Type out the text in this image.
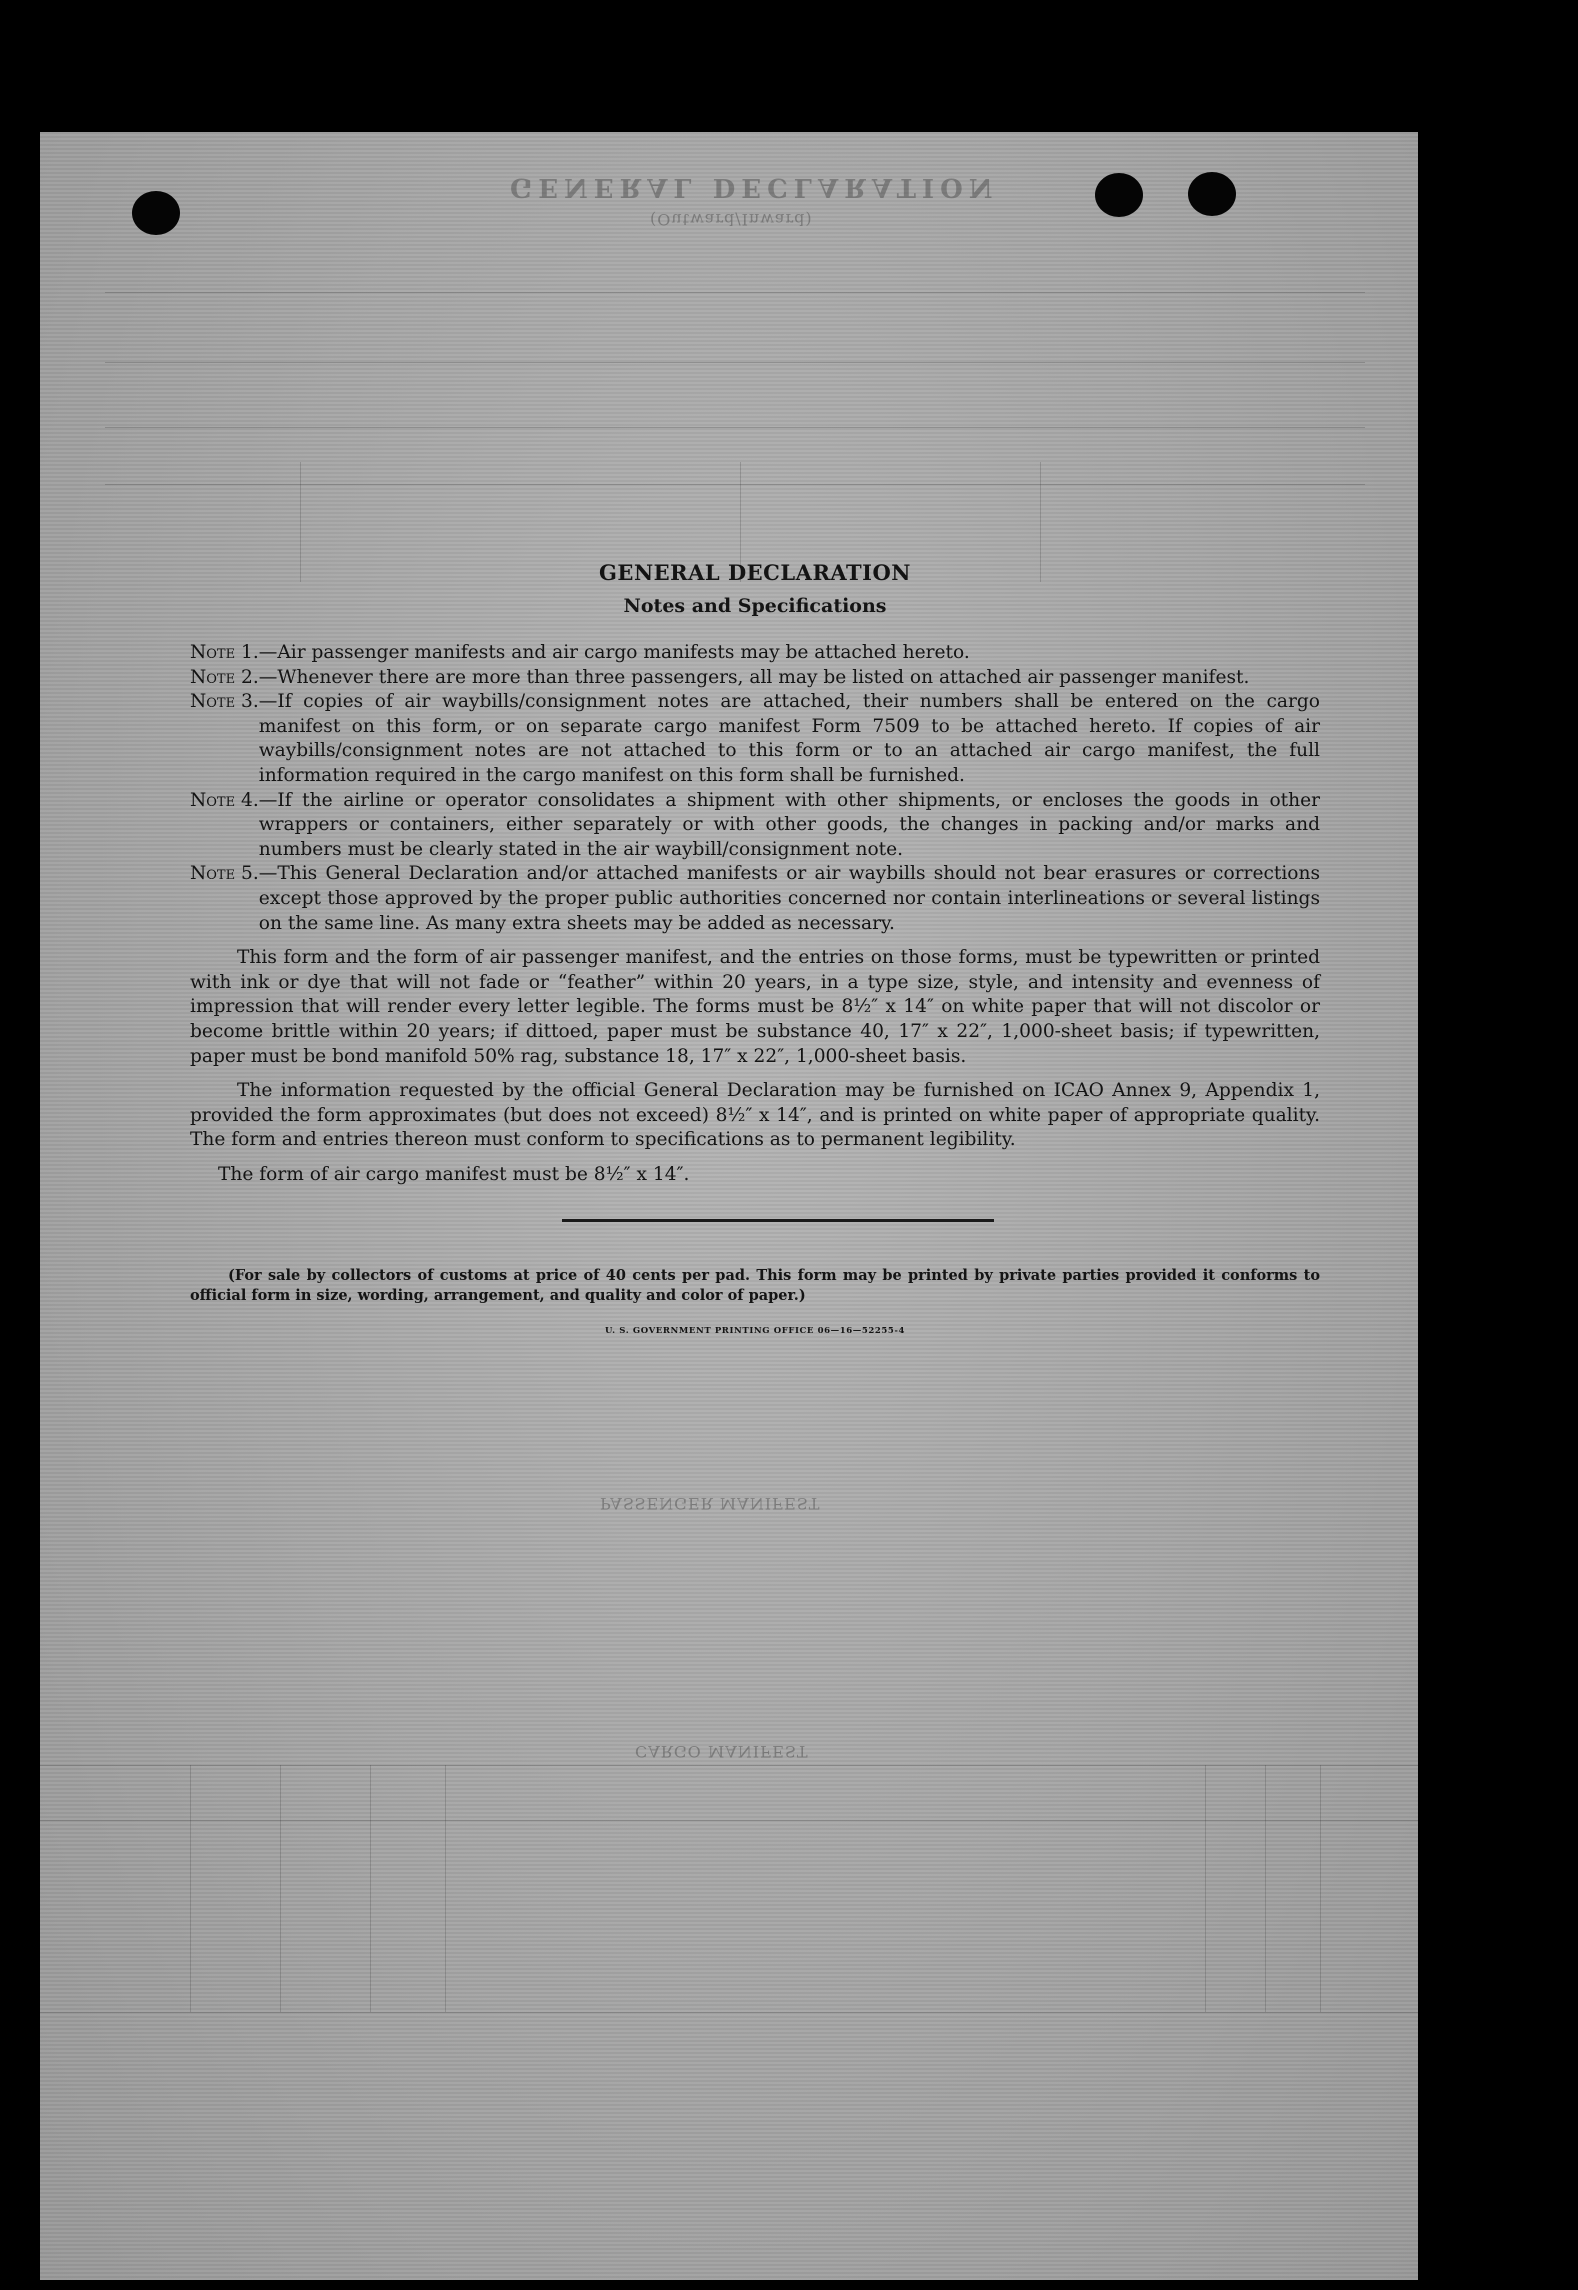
GENERAL DECLARATION
(Outward/Inward)
PASSENGER MANIFEST
CARGO MANIFEST
GENERAL DECLARATION
Notes and Specifications
Note 1. —Air passenger manifests and air cargo manifests may be attached hereto.
Note 2. —Whenever there are more than three passengers, all may be listed on attached air passenger manifest.
Note 3. —If copies of air waybills/consignment notes are attached, their numbers shall be entered on the cargo manifest on this form, or on separate cargo manifest Form 7509 to be attached hereto. If copies of air waybills/consignment notes are not attached to this form or to an attached air cargo manifest, the full information required in the cargo manifest on this form shall be furnished.
Note 4. —If the airline or operator consolidates a shipment with other shipments, or encloses the goods in other wrappers or containers, either separately or with other goods, the changes in packing and/or marks and numbers must be clearly stated in the air waybill/consignment note.
Note 5. —This General Declaration and/or attached manifests or air waybills should not bear erasures or corrections except those approved by the proper public authorities concerned nor contain interlineations or several listings on the same line. As many extra sheets may be added as necessary.

This form and the form of air passenger manifest, and the entries on those forms, must be typewritten or printed with ink or dye that will not fade or “feather” within 20 years, in a type size, style, and intensity and evenness of impression that will render every letter legible. The forms must be 8½″ x 14″ on white paper that will not discolor or become brittle within 20 years; if dittoed, paper must be substance 40, 17″ x 22″, 1,000-sheet basis; if typewritten, paper must be bond manifold 50% rag, substance 18, 17″ x 22″, 1,000-sheet basis.

The information requested by the official General Declaration may be furnished on ICAO Annex 9, Appendix 1, provided the form approximates (but does not exceed) 8½″ x 14″, and is printed on white paper of appropriate quality. The form and entries thereon must conform to specifications as to permanent legibility.

The form of air cargo manifest must be 8½″ x 14″.

(For sale by collectors of customs at price of 40 cents per pad. This form may be printed by private parties provided it conforms to official form in size, wording, arrangement, and quality and color of paper.)

U. S. GOVERNMENT PRINTING OFFICE 06—16—52255-4
